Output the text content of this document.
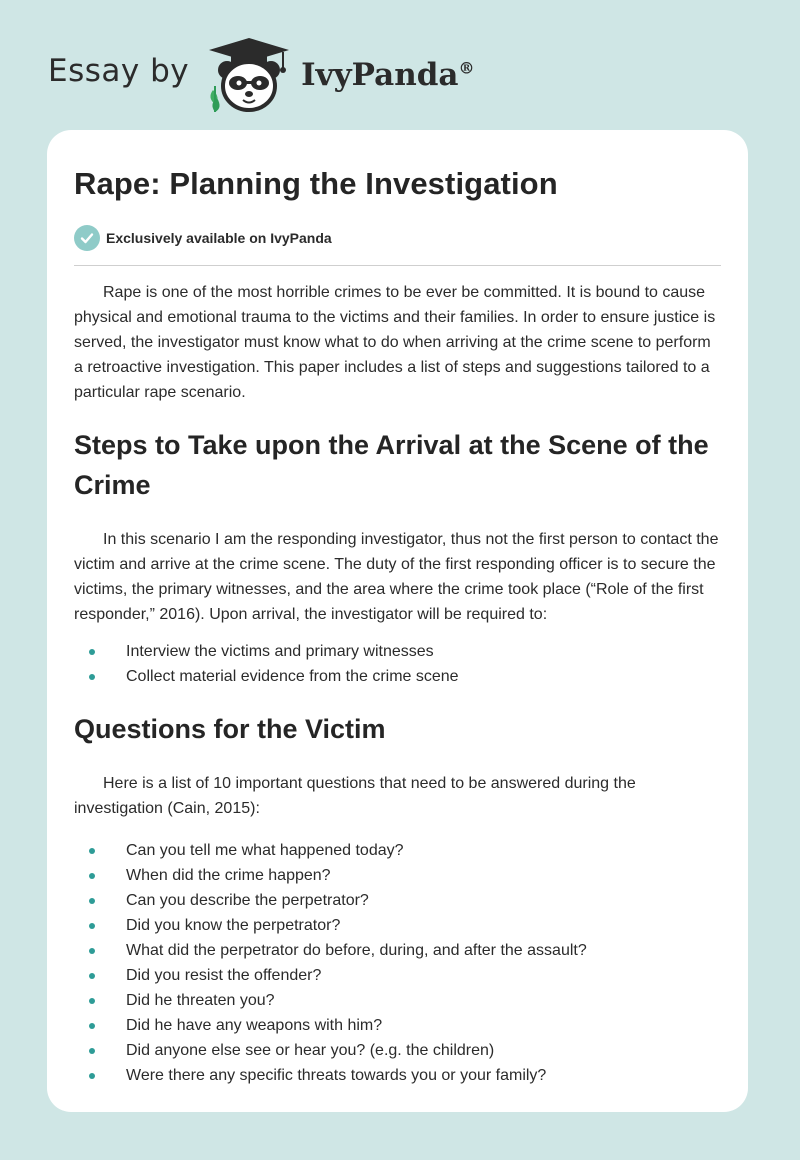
Essay by	IvyPanda®
Rape: Planning the Investigation
Exclusively available on IvyPanda

Rape is one of the most horrible crimes to be ever be committed. It is bound to cause physical and emotional trauma to the victims and their families. In order to ensure justice is served, the investigator must know what to do when arriving at the crime scene to perform a retroactive investigation. This paper includes a list of steps and suggestions tailored to a particular rape scenario.

Steps to Take upon the Arrival at the Scene of the Crime

In this scenario I am the responding investigator, thus not the first person to contact the victim and arrive at the crime scene. The duty of the first responding officer is to secure the victims, the primary witnesses, and the area where the crime took place (“Role of the first responder,” 2016). Upon arrival, the investigator will be required to:

Interview the victims and primary witnesses
Collect material evidence from the crime scene
Questions for the Victim

Here is a list of 10 important questions that need to be answered during the investigation (Cain, 2015):

Can you tell me what happened today?
When did the crime happen?
Can you describe the perpetrator?
Did you know the perpetrator?
What did the perpetrator do before, during, and after the assault?
Did you resist the offender?
Did he threaten you?
Did he have any weapons with him?
Did anyone else see or hear you? (e.g. the children)
Were there any specific threats towards you or your family?
